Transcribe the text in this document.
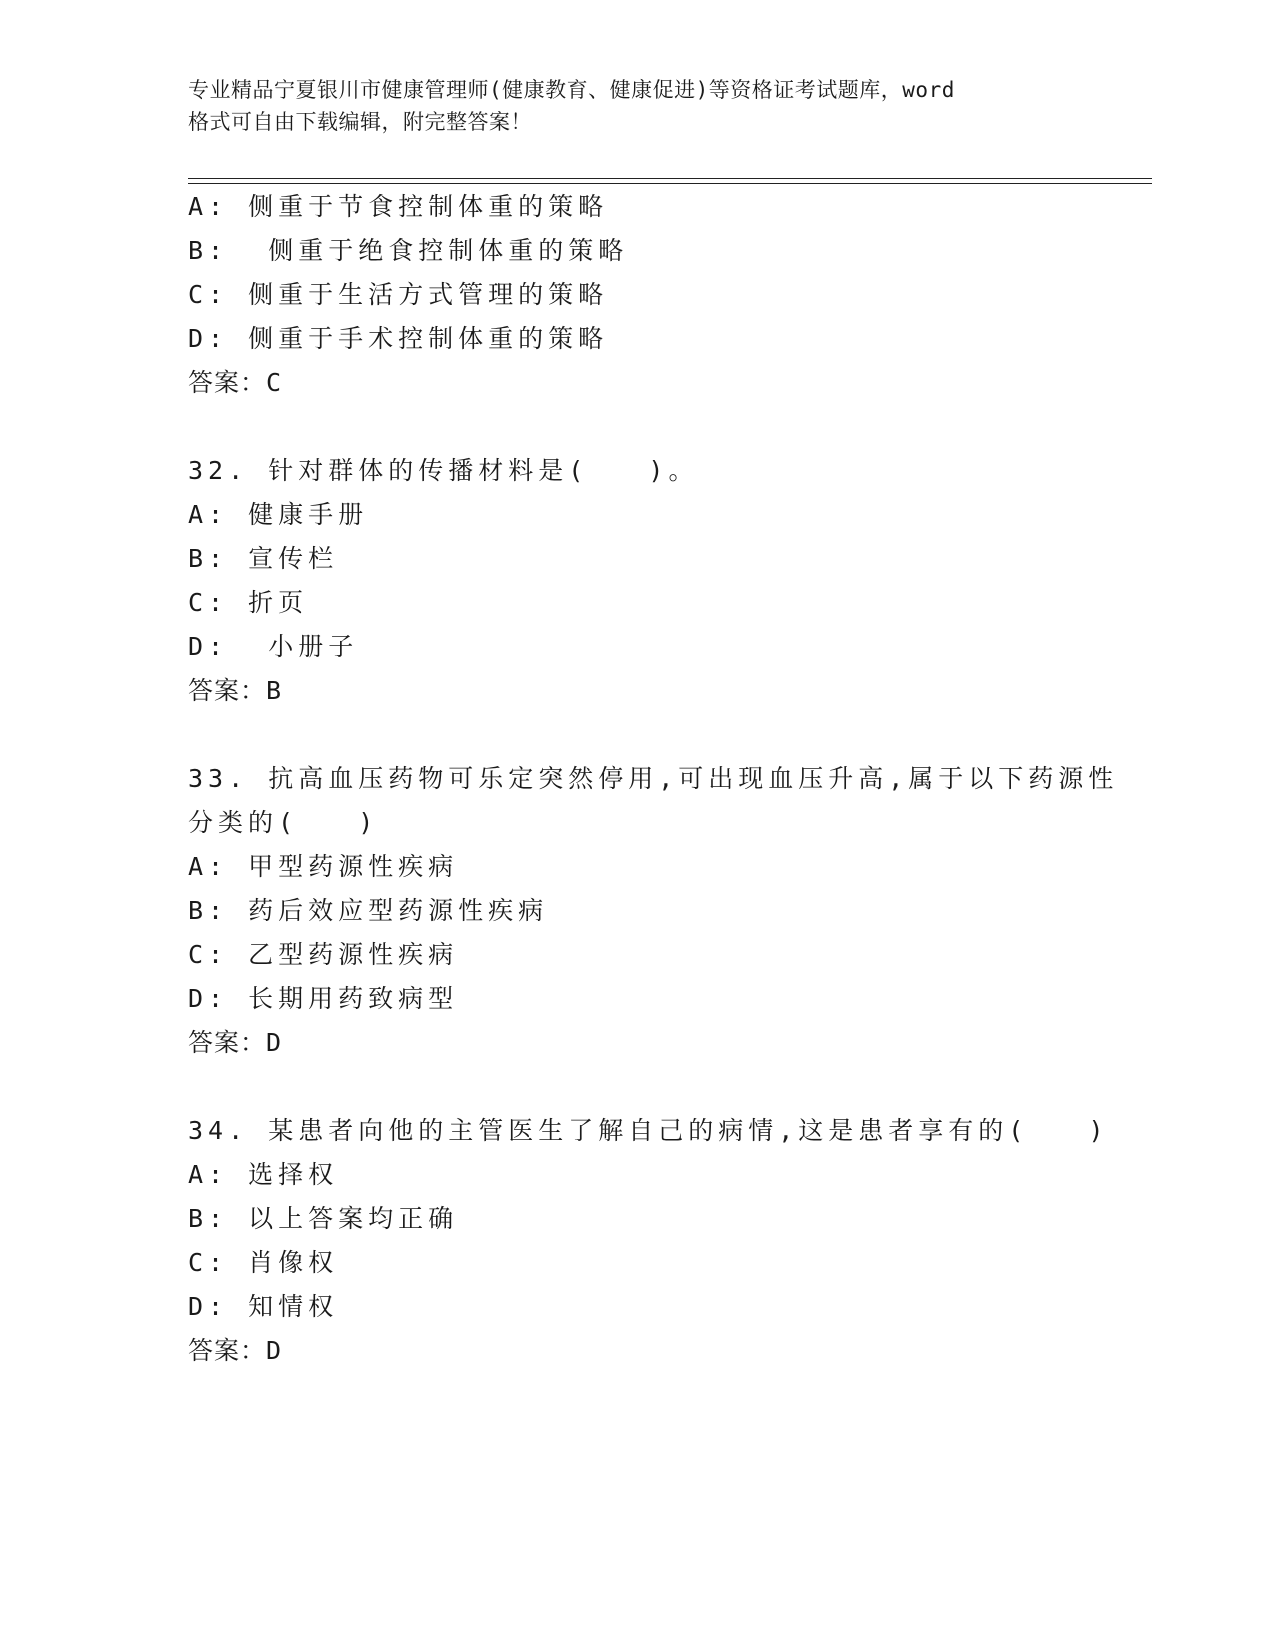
专业精品宁夏银川市健康管理师(健康教育、健康促进)等资格证考试题库，word
格式可自由下载编辑，附完整答案！
A: 侧重于节食控制体重的策略
B:  侧重于绝食控制体重的策略
C: 侧重于生活方式管理的策略
D: 侧重于手术控制体重的策略
答案：C
32. 针对群体的传播材料是(   )。
A: 健康手册
B: 宣传栏
C: 折页
D:  小册子
答案：B
33. 抗高血压药物可乐定突然停用,可出现血压升高,属于以下药源性
分类的(   )
A: 甲型药源性疾病
B: 药后效应型药源性疾病
C: 乙型药源性疾病
D: 长期用药致病型
答案：D
34. 某患者向他的主管医生了解自己的病情,这是患者享有的(   )
A: 选择权
B: 以上答案均正确
C: 肖像权
D: 知情权
答案：D
